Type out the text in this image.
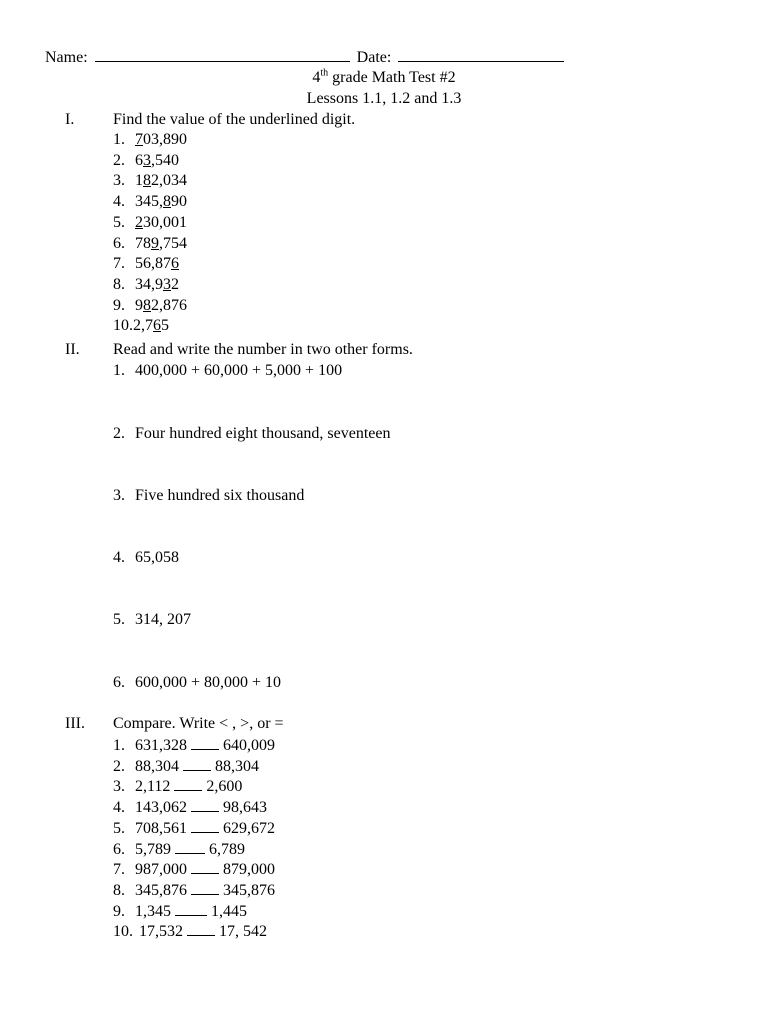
Name:	Date:
4th grade Math Test #2
Lessons 1.1, 1.2 and 1.3
I. Find the value of the underlined digit.
1. 703,890
2. 63,540
3. 182,034
4. 345,890
5. 230,001
6. 789,754
7. 56,876
8. 34,932
9. 982,876
10.2,765
II. Read and write the number in two other forms.
1. 400,000 + 60,000 + 5,000 + 100
2. Four hundred eight thousand, seventeen
3. Five hundred six thousand
4. 65,058
5. 314, 207
6. 600,000 + 80,000 + 10
III. Compare. Write < , >, or =
1. 631,328  640,009
2. 88,304  88,304
3. 2,112  2,600
4. 143,062  98,643
5. 708,561  629,672
6. 5,789  6,789
7. 987,000  879,000
8. 345,876  345,876
9. 1,345  1,445
10. 17,532  17, 542
